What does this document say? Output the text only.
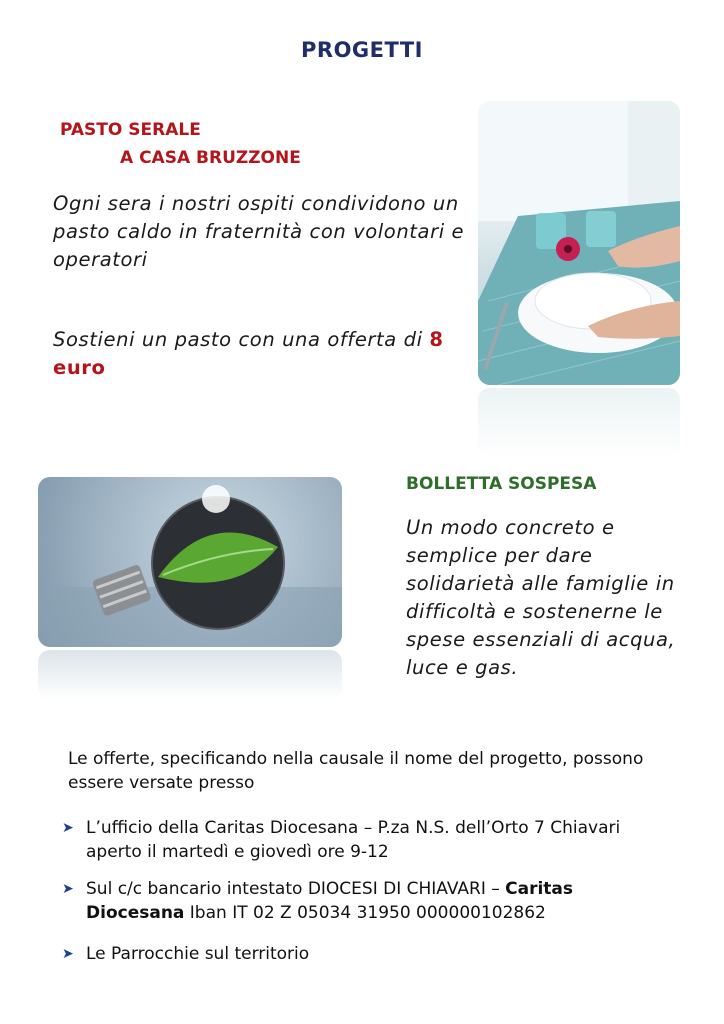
PROGETTI
PASTO SERALE
A CASA BRUZZONE
Ogni sera i nostri ospiti condividono un pasto caldo in fraternità con volontari e operatori
Sostieni un pasto con una offerta di 8 euro
BOLLETTA SOSPESA
Un modo concreto e semplice per dare solidarietà alle famiglie in difficoltà e sostenerne le spese essenziali di acqua, luce e gas.
Le offerte, specificando nella causale il nome del progetto, possono essere versate presso
➤ L’ufficio della Caritas Diocesana – P.za N.S. dell’Orto 7 Chiavari aperto il martedì e giovedì ore 9-12
➤ Sul c/c bancario intestato DIOCESI DI CHIAVARI – Caritas Diocesana Iban IT 02 Z 05034 31950 000000102862
➤ Le Parrocchie sul territorio
